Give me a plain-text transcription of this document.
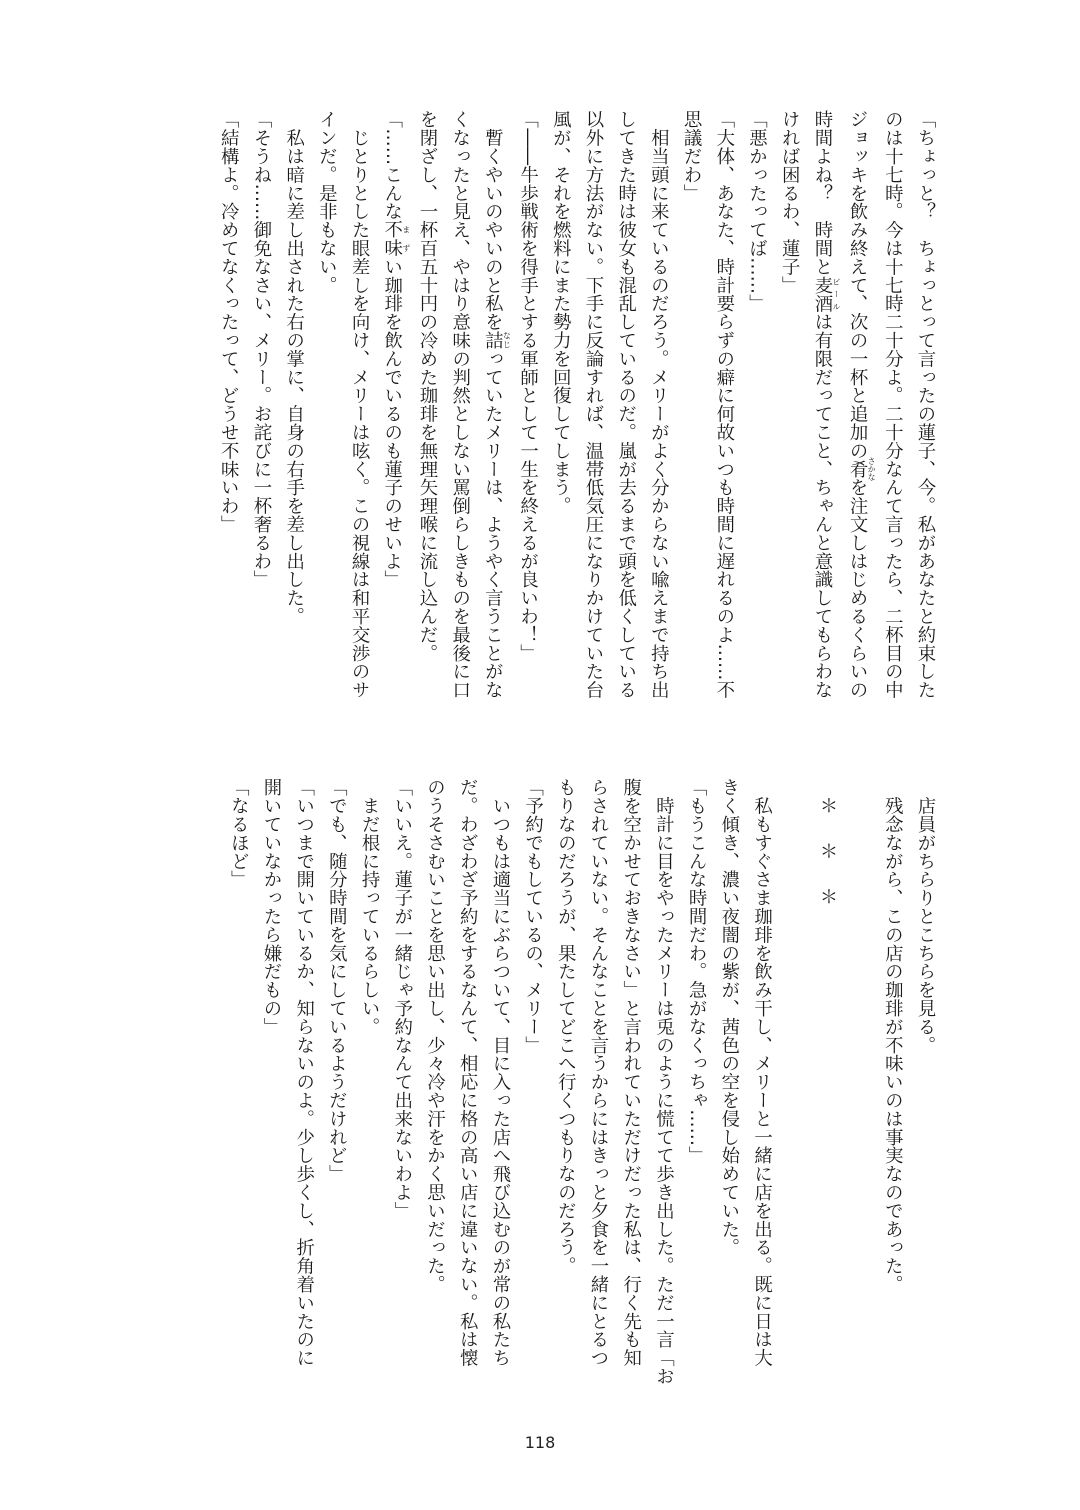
「ちょっと？　ちょっとって言ったの蓮子、今。私があなたと約束した
のは十七時。今は十七時二十分よ。二十分なんて言ったら、二杯目の中
ジョッキを飲み終えて、次の一杯と追加の肴 さかなを注文しはじめるくらいの
時間よね？　時間と麦酒 ビールは有限だってこと、ちゃんと意識してもらわな
ければ困るわ、蓮子」
「悪かったってば……」
「大体、あなた、時計要らずの癖に何故いつも時間に遅れるのよ……不
思議だわ」
　相当頭に来ているのだろう。メリーがよく分からない喩えまで持ち出
してきた時は彼女も混乱しているのだ。嵐が去るまで頭を低くしている
以外に方法がない。下手に反論すれば、温帯低気圧になりかけていた台
風が、それを燃料にまた勢力を回復してしまう。
「――牛歩戦術を得手とする軍師として一生を終えるが良いわ！」
　暫くやいのやいのと私を詰 なじっていたメリーは、ようやく言うことがな
くなったと見え、やはり意味の判然としない罵倒らしきものを最後に口
を閉ざし、一杯百五十円の冷めた珈琲を無理矢理喉に流し込んだ。
「……こんな不味 まずい珈琲を飲んでいるのも蓮子のせいよ」
　じとりとした眼差しを向け、メリーは呟く。この視線は和平交渉のサ
インだ。是非もない。
　私は暗に差し出された右の掌に、自身の右手を差し出した。
「そうね……御免なさい、メリー。お詫びに一杯奢るわ」
「結構よ。冷めてなくったって、どうせ不味いわ」
　店員がちらりとこちらを見る。
　残念ながら、この店の珈琲が不味いのは事実なのであった。
＊＊＊
　私もすぐさま珈琲を飲み干し、メリーと一緒に店を出る。既に日は大
きく傾き、濃い夜闇の紫が、茜色の空を侵し始めていた。
「もうこんな時間だわ。急がなくっちゃ……」
　時計に目をやったメリーは兎のように慌てて歩き出した。ただ一言「お
腹を空かせておきなさい」と言われていただけだった私は、行く先も知
らされていない。そんなことを言うからにはきっと夕食を一緒にとるつ
もりなのだろうが、果たしてどこへ行くつもりなのだろう。
「予約でもしているの、メリー」
　いつもは適当にぶらついて、目に入った店へ飛び込むのが常の私たち
だ。わざわざ予約をするなんて、相応に格の高い店に違いない。私は懐
のうそさむいことを思い出し、少々冷や汗をかく思いだった。
「いいえ。蓮子が一緒じゃ予約なんて出来ないわよ」
　まだ根に持っているらしい。
「でも、随分時間を気にしているようだけれど」
「いつまで開いているか、知らないのよ。少し歩くし、折角着いたのに
開いていなかったら嫌だもの」
「なるほど」
118
